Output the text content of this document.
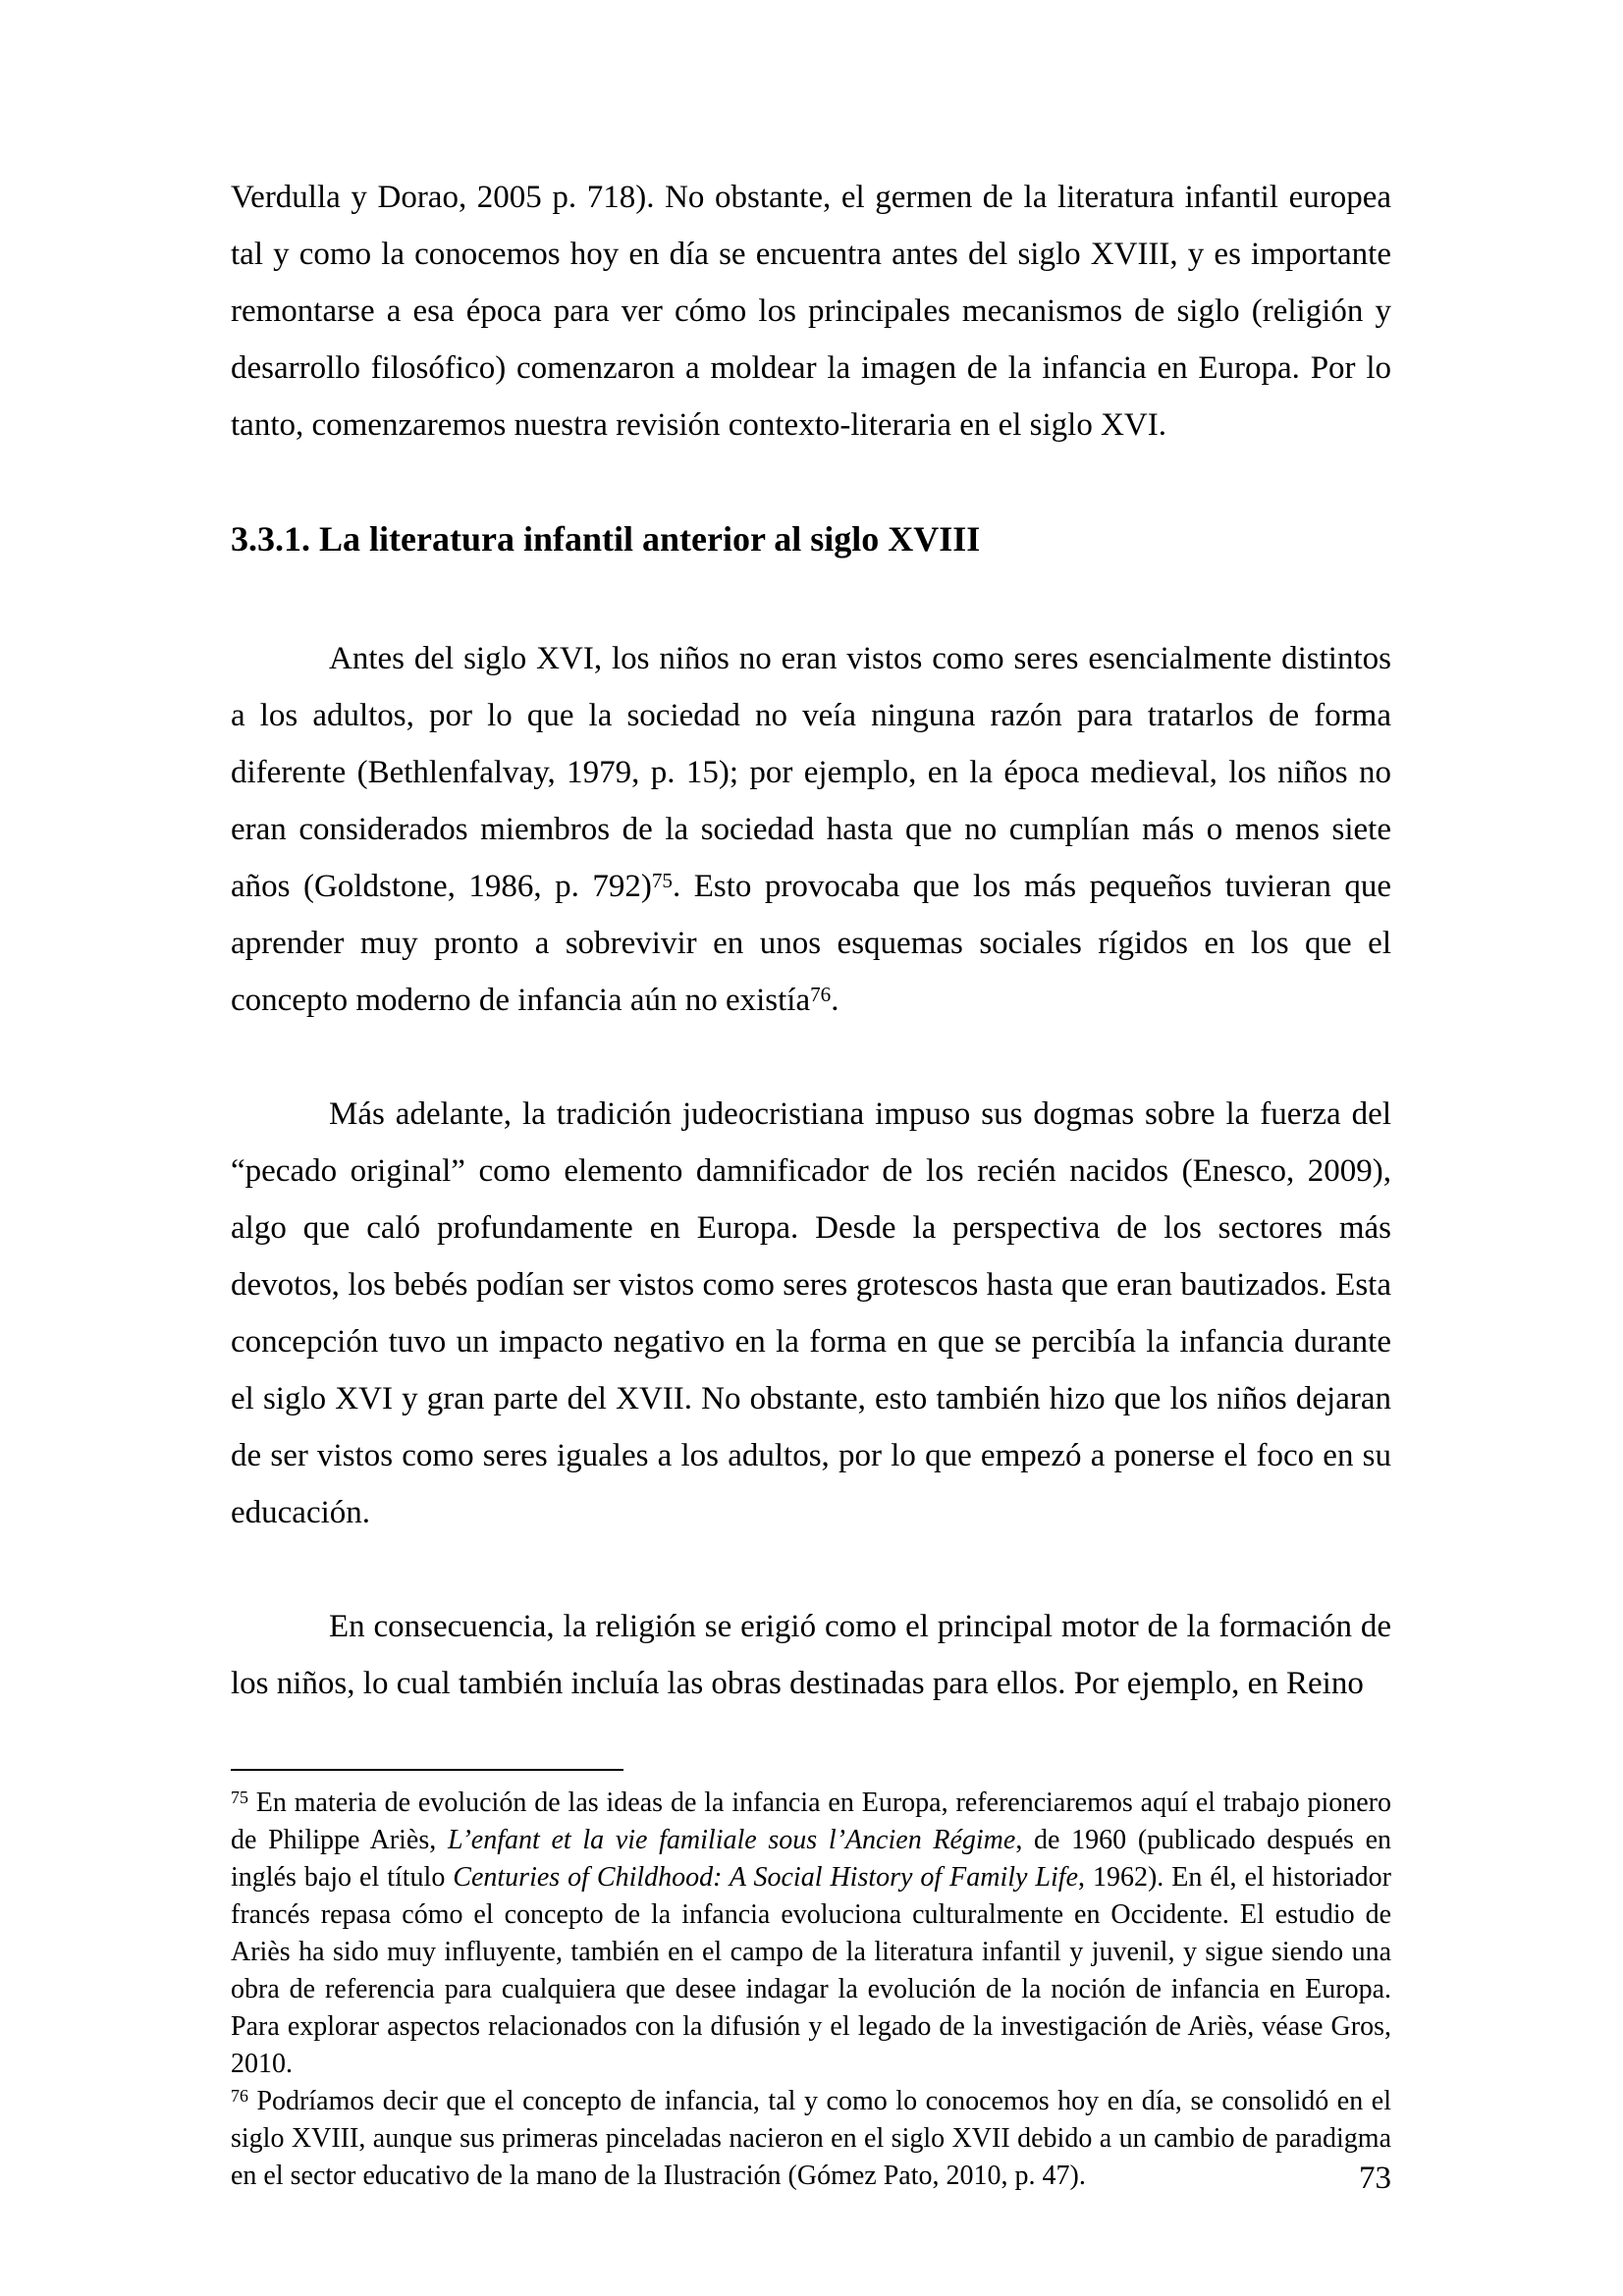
Verdulla y Dorao, 2005 p. 718). No obstante, el germen de la literatura infantil europea tal y como la conocemos hoy en día se encuentra antes del siglo XVIII, y es importante remontarse a esa época para ver cómo los principales mecanismos de siglo (religión y desarrollo filosófico) comenzaron a moldear la imagen de la infancia en Europa. Por lo tanto, comenzaremos nuestra revisión contexto-literaria en el siglo XVI.

3.3.1. La literatura infantil anterior al siglo XVIII

Antes del siglo XVI, los niños no eran vistos como seres esencialmente distintos a los adultos, por lo que la sociedad no veía ninguna razón para tratarlos de forma diferente (Bethlenfalvay, 1979, p. 15); por ejemplo, en la época medieval, los niños no eran considerados miembros de la sociedad hasta que no cumplían más o menos siete años (Goldstone, 1986, p. 792)$^{75}$. Esto provocaba que los más pequeños tuvieran que aprender muy pronto a sobrevivir en unos esquemas sociales rígidos en los que el concepto moderno de infancia aún no existía$^{76}$.

Más adelante, la tradición judeocristiana impuso sus dogmas sobre la fuerza del “pecado original” como elemento damnificador de los recién nacidos (Enesco, 2009), algo que caló profundamente en Europa. Desde la perspectiva de los sectores más devotos, los bebés podían ser vistos como seres grotescos hasta que eran bautizados. Esta concepción tuvo un impacto negativo en la forma en que se percibía la infancia durante el siglo XVI y gran parte del XVII. No obstante, esto también hizo que los niños dejaran de ser vistos como seres iguales a los adultos, por lo que empezó a ponerse el foco en su educación.

En consecuencia, la religión se erigió como el principal motor de la formación de los niños, lo cual también incluía las obras destinadas para ellos. Por ejemplo, en Reino

$^{75}$ En materia de evolución de las ideas de la infancia en Europa, referenciaremos aquí el trabajo pionero de Philippe Ariès, L’enfant et la vie familiale sous l’Ancien Régime, de 1960 (publicado después en inglés bajo el título Centuries of Childhood: A Social History of Family Life, 1962). En él, el historiador francés repasa cómo el concepto de la infancia evoluciona culturalmente en Occidente. El estudio de Ariès ha sido muy influyente, también en el campo de la literatura infantil y juvenil, y sigue siendo una obra de referencia para cualquiera que desee indagar la evolución de la noción de infancia en Europa. Para explorar aspectos relacionados con la difusión y el legado de la investigación de Ariès, véase Gros, 2010.

$^{76}$ Podríamos decir que el concepto de infancia, tal y como lo conocemos hoy en día, se consolidó en el siglo XVIII, aunque sus primeras pinceladas nacieron en el siglo XVII debido a un cambio de paradigma en el sector educativo de la mano de la Ilustración (Gómez Pato, 2010, p. 47).	73
